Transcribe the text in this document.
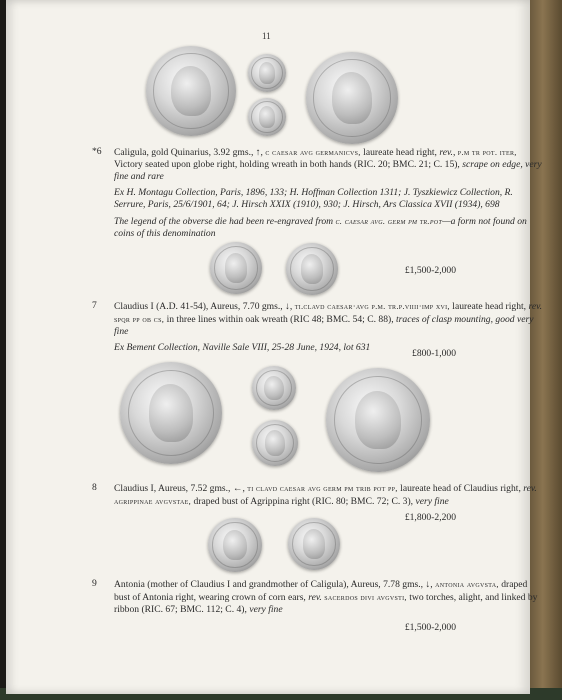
11
*6 Caligula, gold Quinarius, 3.92 gms., ↑, c caesar avg germanicvs, laureate head right, rev., p.m tr pot. iter, Victory seated upon globe right, holding wreath in both hands (RIC. 20; BMC. 21; C. 15), scrape on edge, very fine and rare
Ex H. Montagu Collection, Paris, 1896, 133; H. Hoffman Collection 1311; J. Tyszkiewicz Collection, R. Serrure, Paris, 25/6/1901, 64; J. Hirsch XXIX (1910), 930; J. Hirsch, Ars Classica XVII (1934), 698
The legend of the obverse die had been re-engraved from c. caesar avg. germ pm tr.pot—a form not found on coins of this denomination
£1,500-2,000
7 Claudius I (A.D. 41-54), Aureus, 7.70 gms., ↓, ti.clavd caesar·avg p.m. tr.p.viiii·imp xvi, laureate head right, rev. spqr pp ob cs, in three lines within oak wreath (RIC 48; BMC. 54; C. 88), traces of clasp mounting, good very fine
Ex Bement Collection, Naville Sale VIII, 25-28 June, 1924, lot 631
£800-1,000
8 Claudius I, Aureus, 7.52 gms., ←, ti clavd caesar avg germ pm trib pot pp, laureate head of Claudius right, rev. agrippinae avgvstae, draped bust of Agrippina right (RIC. 80; BMC. 72; C. 3), very fine
£1,800-2,200
9 Antonia (mother of Claudius I and grandmother of Caligula), Aureus, 7.78 gms., ↓, antonia avgvsta, draped bust of Antonia right, wearing crown of corn ears, rev. sacerdos divi avgvsti, two torches, alight, and linked by ribbon (RIC. 67; BMC. 112; C. 4), very fine
£1,500-2,000
